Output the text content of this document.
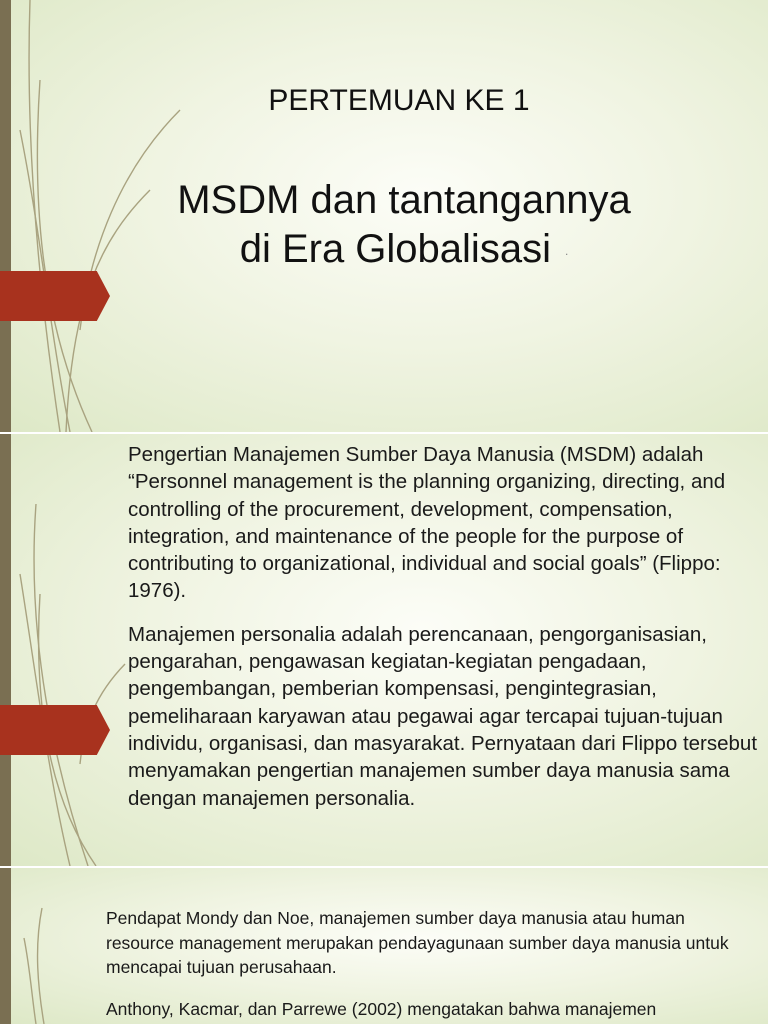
PERTEMUAN KE 1
MSDM dan tantangannya
di Era Globalisasi .

Pengertian Manajemen Sumber Daya Manusia (MSDM) adalah “Personnel management is the planning organizing, directing, and controlling of the procurement, development, compensation, integration, and maintenance of the people for the purpose of contributing to organizational, individual and social goals” (Flippo: 1976).

Manajemen personalia adalah perencanaan, pengorganisasian, pengarahan, pengawasan kegiatan-kegiatan pengadaan, pengembangan, pemberian kompensasi, pengintegrasian, pemeliharaan karyawan atau pegawai agar tercapai tujuan-tujuan individu, organisasi, dan masyarakat. Pernyataan dari Flippo tersebut menyamakan pengertian manajemen sumber daya manusia sama dengan manajemen personalia.

Pendapat Mondy dan Noe, manajemen sumber daya manusia atau human resource management merupakan pendayagunaan sumber daya manusia untuk mencapai tujuan perusahaan.

Anthony, Kacmar, dan Parrewe (2002) mengatakan bahwa manajemen
